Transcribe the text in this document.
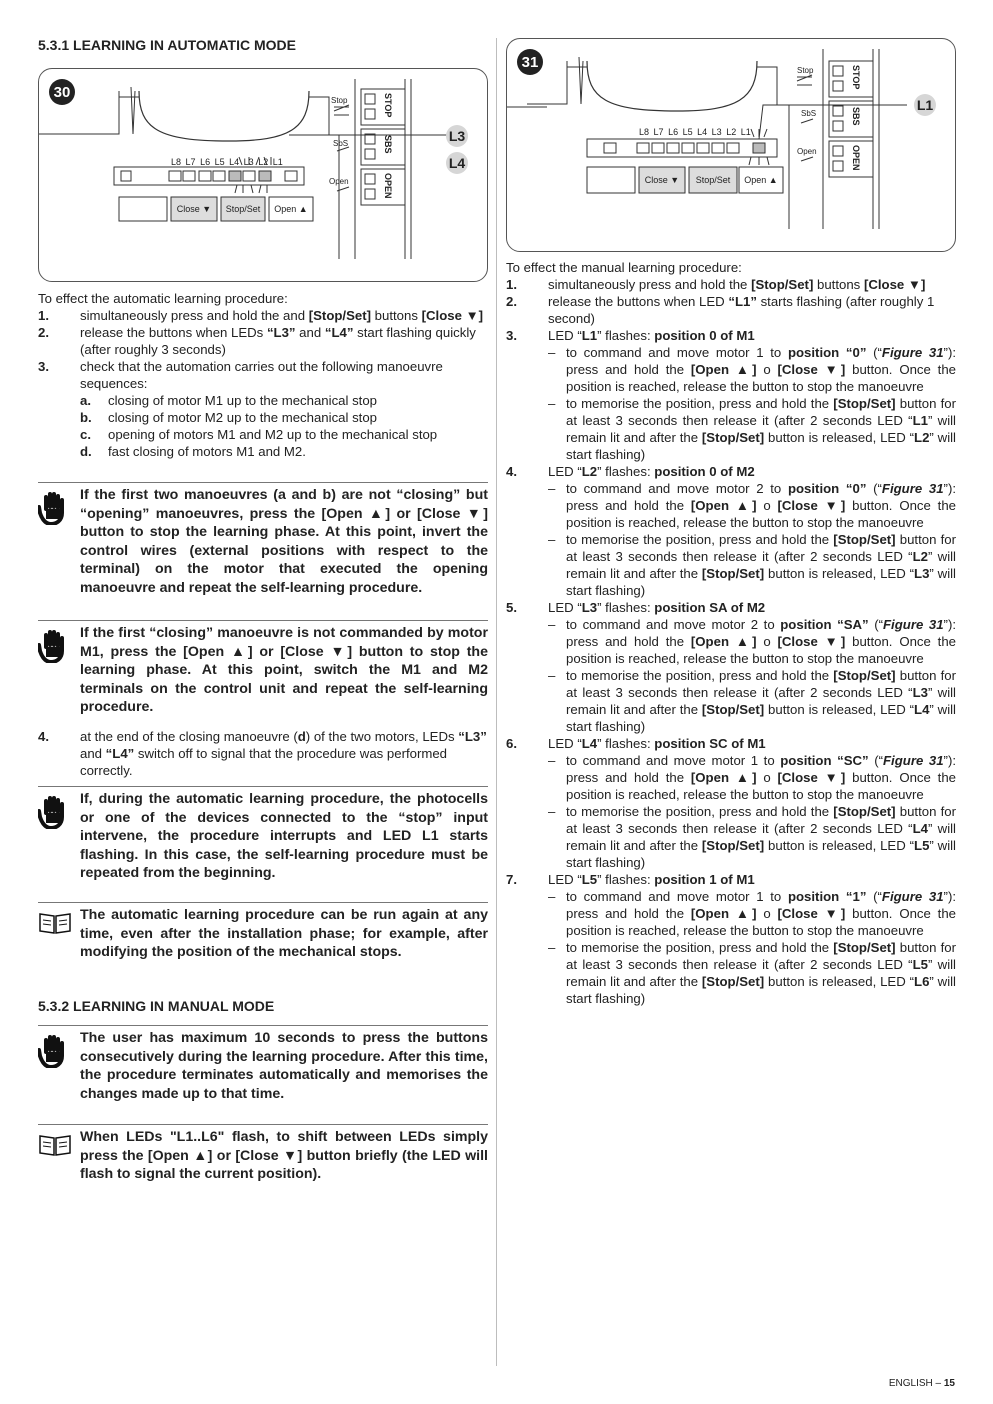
5.3.1 LEARNING IN AUTOMATIC MODE
30
L3
L4
L8 L7 L6 L5 L4 L3 L2 L1
Stop
SbS
Open
STOP
SBS
OPEN
Close ▼	Stop/Set	Open ▲

To effect the automatic learning procedure:

1. simultaneously press and hold the and [Stop/Set] buttons [Close ▼]
2. release the buttons when LEDs “L3” and “L4” start flashing quickly (after roughly 3 seconds)
3. check that the automation carries out the following manoeuvre sequences:
a. closing of motor M1 up to the mechanical stop
b. closing of motor M2 up to the mechanical stop
c. opening of motors M1 and M2 up to the mechanical stop
d. fast closing of motors M1 and M2.
If the first two manoeuvres (a and b) are not “closing” but “opening” manoeuvres, press the [Open ▲] or [Close ▼] button to stop the learning phase. At this point, invert the control wires (external positions with respect to the terminal) on the motor that executed the opening manoeuvre and repeat the self-learning procedure.
If the first “closing” manoeuvre is not commanded by motor M1, press the [Open ▲] or [Close ▼] button to stop the learning phase. At this point, switch the M1 and M2 terminals on the control unit and repeat the self-learning procedure.
4. at the end of the closing manoeuvre (d) of the two motors, LEDs “L3” and “L4” switch off to signal that the procedure was performed correctly.
If, during the automatic learning procedure, the photocells or one of the devices connected to the “stop” input intervene, the procedure interrupts and LED L1 starts flashing. In this case, the self-learning procedure must be repeated from the beginning.
The automatic learning procedure can be run again at any time, even after the installation phase; for example, after modifying the position of the mechanical stops.
5.3.2 LEARNING IN MANUAL MODE
The user has maximum 10 seconds to press the buttons consecutively during the learning procedure. After this time, the procedure terminates automatically and memorises the changes made up to that time.
When LEDs "L1..L6" flash, to shift between LEDs simply press the [Open ▲] or [Close ▼] button briefly (the LED will flash to signal the current position).
31
L1
L8 L7 L6 L5 L4 L3 L2 L1
Stop
SbS
Open
STOP
SBS
OPEN
Close ▼	Stop/Set	Open ▲

To effect the manual learning procedure:

1. simultaneously press and hold the [Stop/Set] buttons [Close ▼]
2. release the buttons when LED “L1” starts flashing (after roughly 1 second)
3. LED “L1” flashes: position 0 of M1
– to command and move motor 1 to position “0” (“Figure 31”): press and hold the [Open ▲] o [Close ▼] button. Once the position is reached, release the button to stop the manoeuvre
– to memorise the position, press and hold the [Stop/Set] button for at least 3 seconds then release it (after 2 seconds LED “L1” will remain lit and after the [Stop/Set] button is released, LED “L2” will start flashing)
4. LED “L2” flashes: position 0 of M2
– to command and move motor 2 to position “0” (“Figure 31”): press and hold the [Open ▲] o [Close ▼] button. Once the position is reached, release the button to stop the manoeuvre
– to memorise the position, press and hold the [Stop/Set] button for at least 3 seconds then release it (after 2 seconds LED “L2” will remain lit and after the [Stop/Set] button is released, LED “L3” will start flashing)
5. LED “L3” flashes: position SA of M2
– to command and move motor 2 to position “SA” (“Figure 31”): press and hold the [Open ▲] o [Close ▼] button. Once the position is reached, release the button to stop the manoeuvre
– to memorise the position, press and hold the [Stop/Set] button for at least 3 seconds then release it (after 2 seconds LED “L3” will remain lit and after the [Stop/Set] button is released, LED “L4” will start flashing)
6. LED “L4” flashes: position SC of M1
– to command and move motor 1 to position “SC” (“Figure 31”): press and hold the [Open ▲] o [Close ▼] button. Once the position is reached, release the button to stop the manoeuvre
– to memorise the position, press and hold the [Stop/Set] button for at least 3 seconds then release it (after 2 seconds LED “L4” will remain lit and after the [Stop/Set] button is released, LED “L5” will start flashing)
7. LED “L5” flashes: position 1 of M1
– to command and move motor 1 to position “1” (“Figure 31”): press and hold the [Open ▲] o [Close ▼] button. Once the position is reached, release the button to stop the manoeuvre
– to memorise the position, press and hold the [Stop/Set] button for at least 3 seconds then release it (after 2 seconds LED “L5” will remain lit and after the [Stop/Set] button is released, LED “L6” will start flashing)
ENGLISH – 15
